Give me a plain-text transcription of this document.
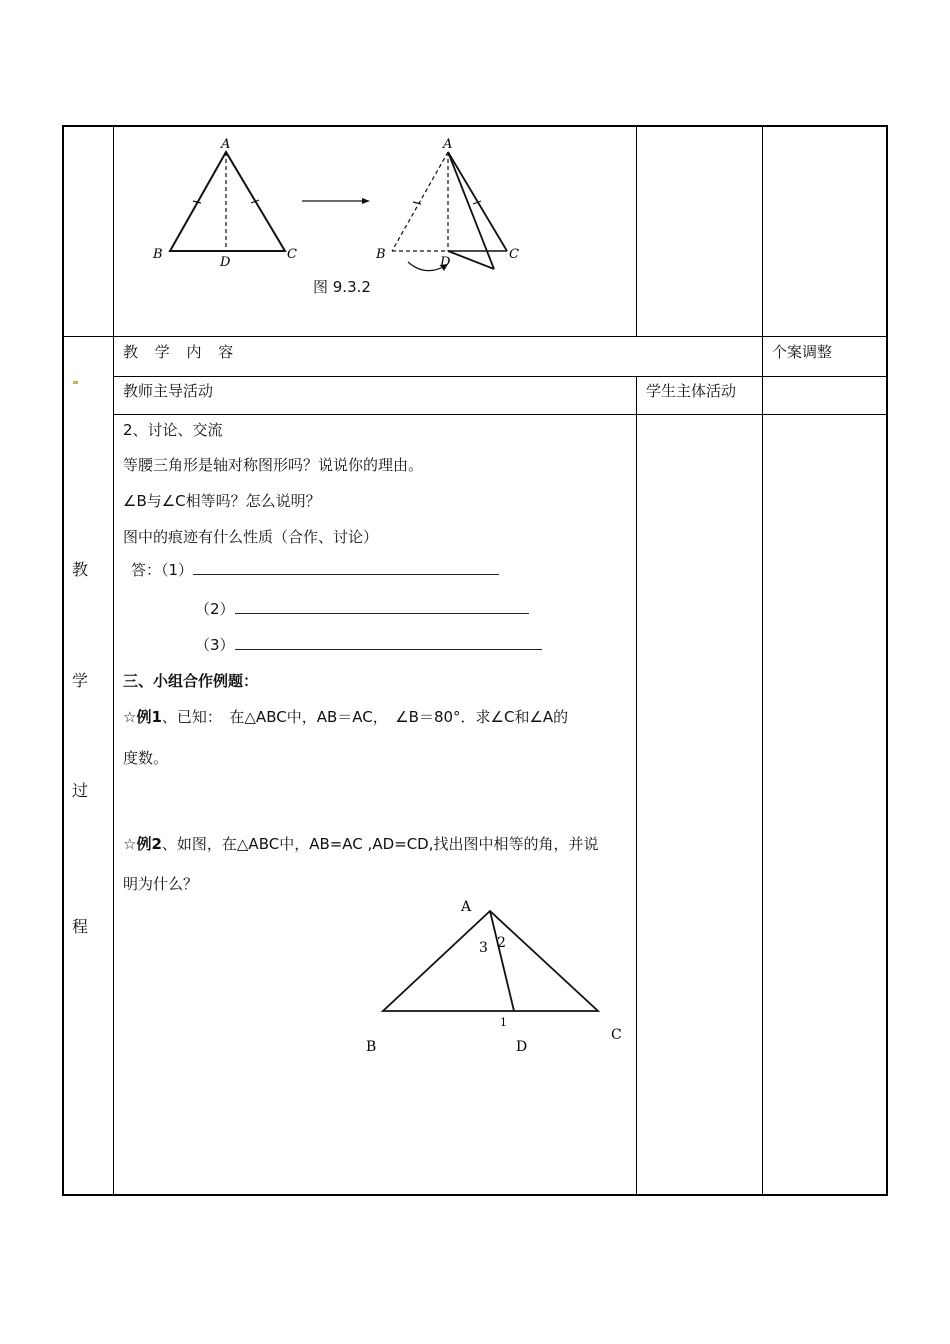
A
B	C
D
A
B	C
D
图 9.3.2
教 学 内 容	个案调整
教师主导活动	学生主体活动
教
学
过
程
2、讨论、交流
等腰三角形是轴对称图形吗？说说你的理由。
∠B与∠C相等吗？怎么说明？
图中的痕迹有什么性质（合作、讨论）
答：（1）
（2）
（3）
三、小组合作例题：
☆例1、已知：　在△ABC中，AB＝AC，　∠B＝80°．求∠C和∠A的
度数。
☆例2、如图，在△ABC中，AB=AC ,AD=CD,找出图中相等的角，并说
明为什么？
A
B
C
D
1
2
3
